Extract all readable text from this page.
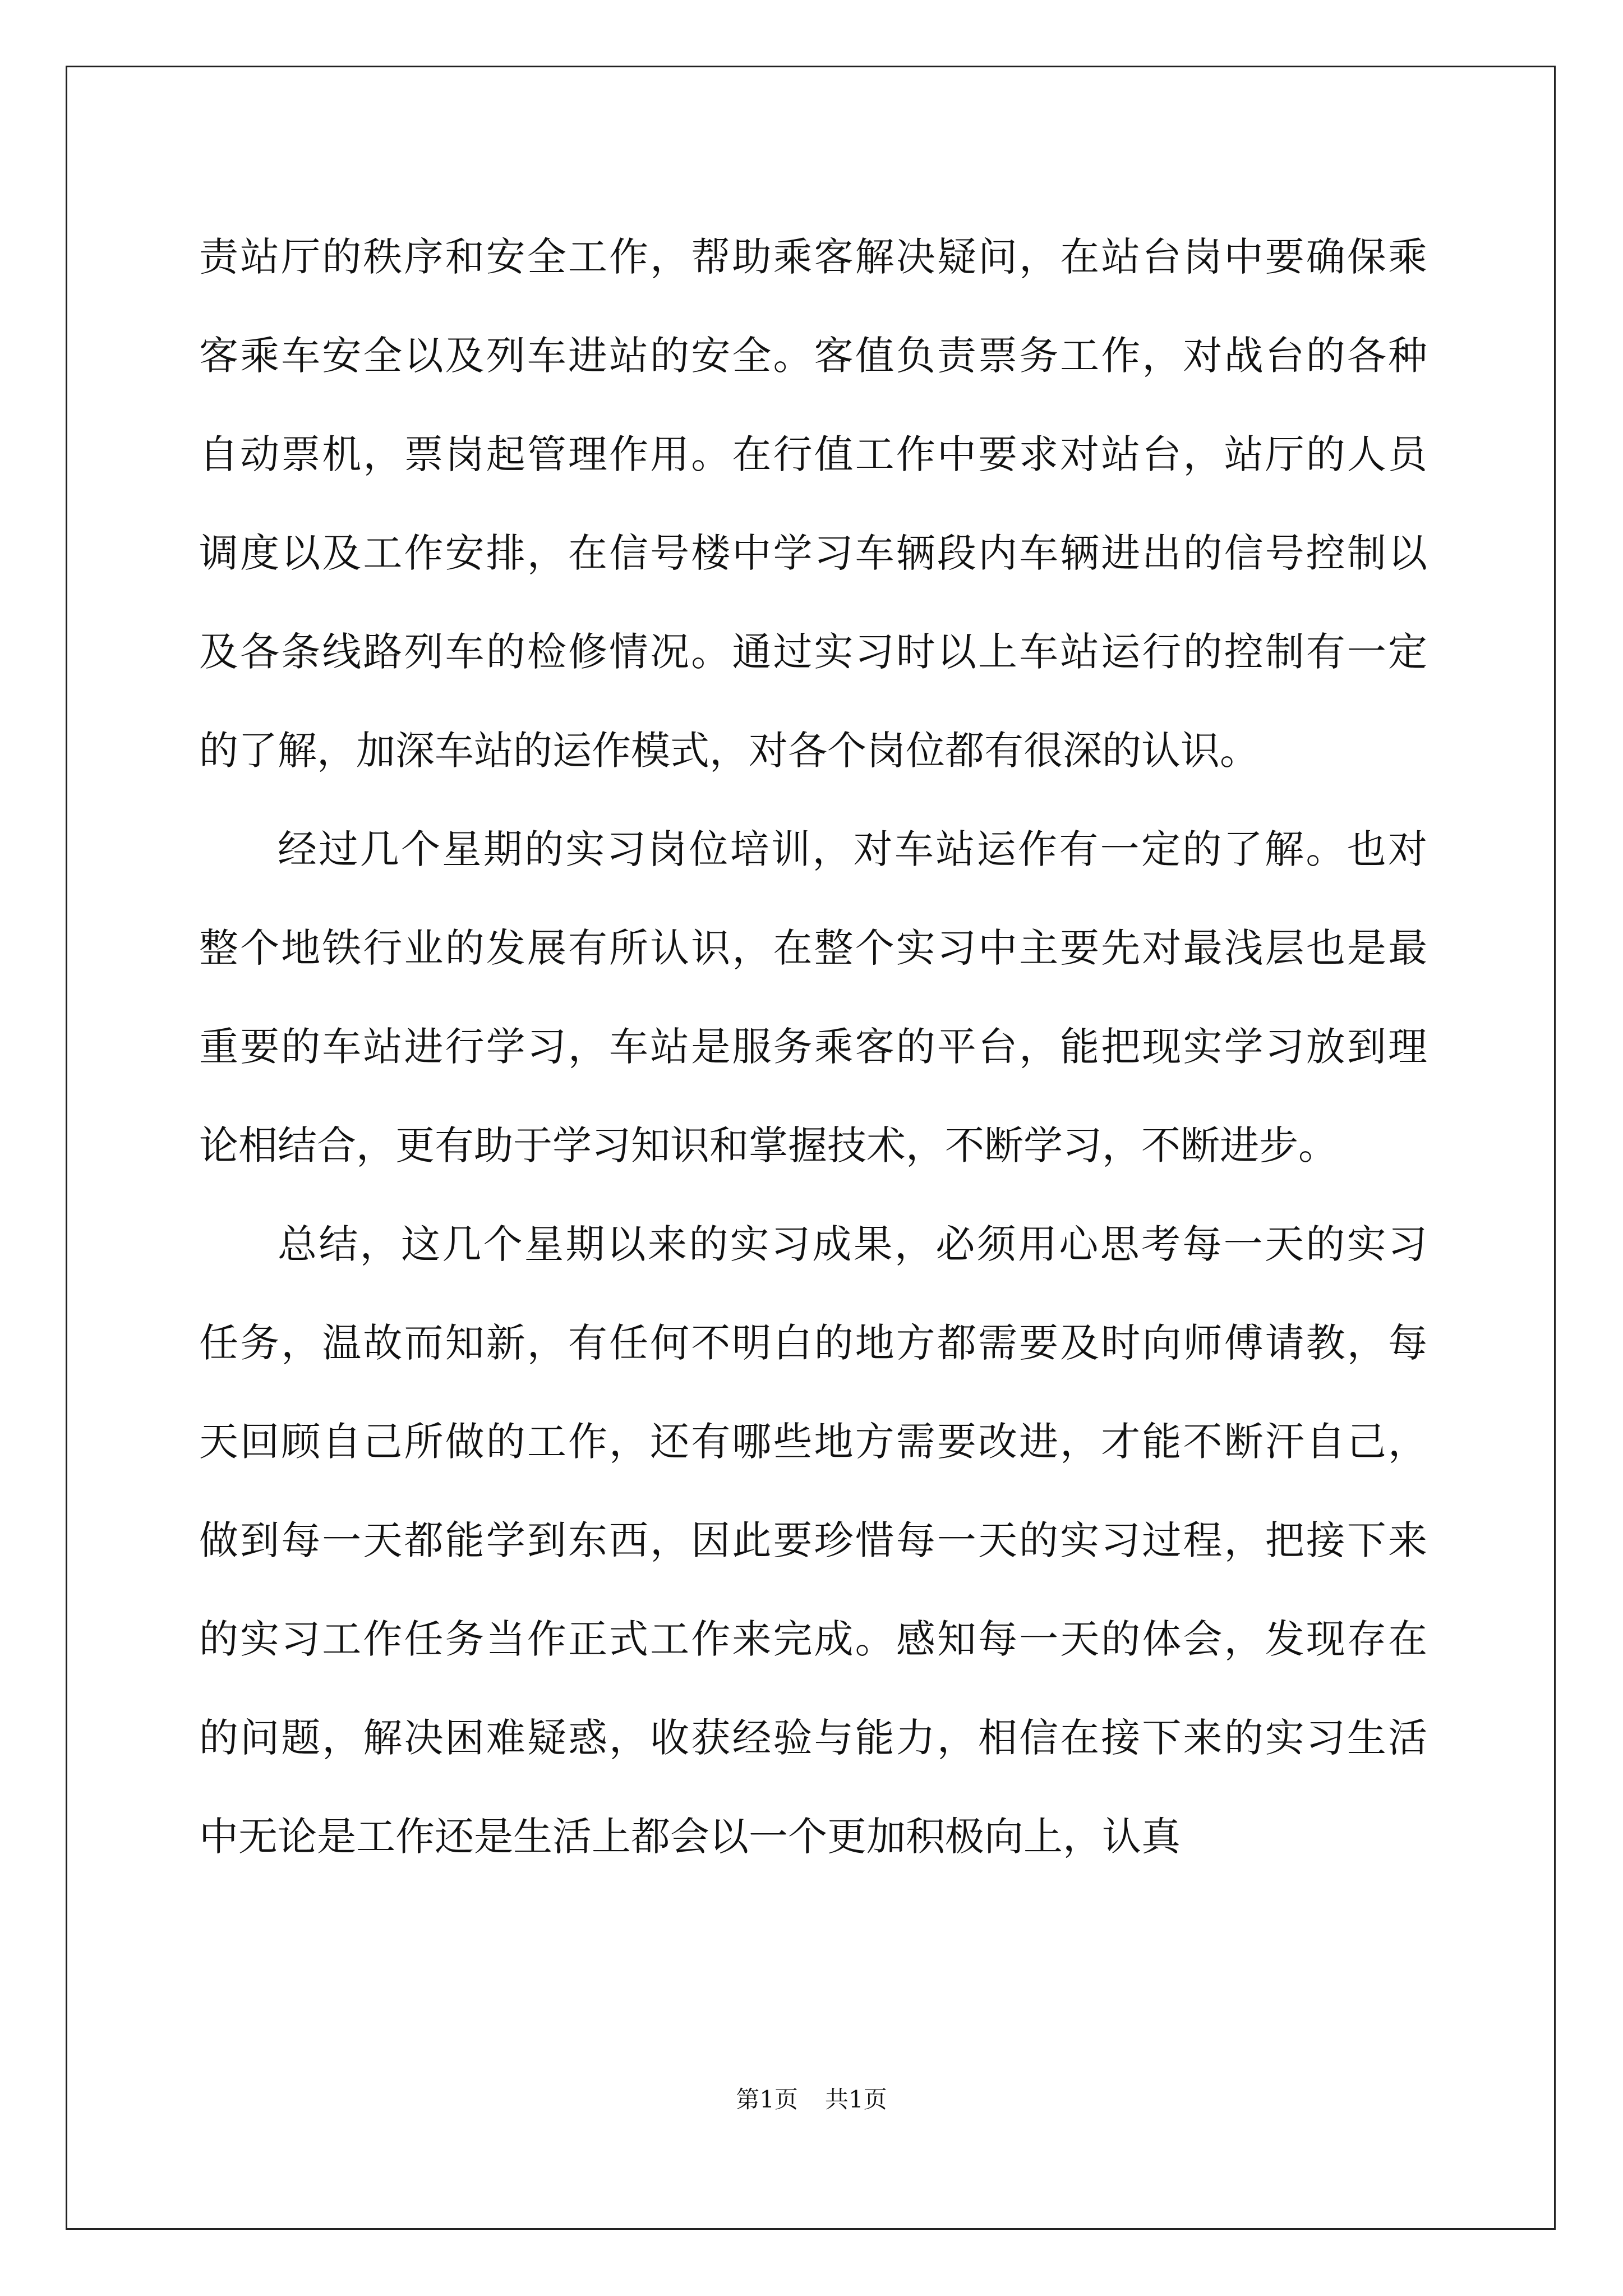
责站厅的秩序和安全工作，帮助乘客解决疑问，在站台岗中要确保乘
客乘车安全以及列车进站的安全。客值负责票务工作，对战台的各种
自动票机，票岗起管理作用。在行值工作中要求对站台，站厅的人员
调度以及工作安排，在信号楼中学习车辆段内车辆进出的信号控制以
及各条线路列车的检修情况。通过实习时以上车站运行的控制有一定
的了解，加深车站的运作模式，对各个岗位都有很深的认识。
经过几个星期的实习岗位培训，对车站运作有一定的了解。也对
整个地铁行业的发展有所认识，在整个实习中主要先对最浅层也是最
重要的车站进行学习，车站是服务乘客的平台，能把现实学习放到理
论相结合，更有助于学习知识和掌握技术，不断学习，不断进步。
总结，这几个星期以来的实习成果，必须用心思考每一天的实习
任务，温故而知新，有任何不明白的地方都需要及时向师傅请教，每
天回顾自己所做的工作，还有哪些地方需要改进，才能不断汗自己，
做到每一天都能学到东西，因此要珍惜每一天的实习过程，把接下来
的实习工作任务当作正式工作来完成。感知每一天的体会，发现存在
的问题，解决困难疑惑，收获经验与能力，相信在接下来的实习生活
中无论是工作还是生活上都会以一个更加积极向上，认真
第1页 共1页
